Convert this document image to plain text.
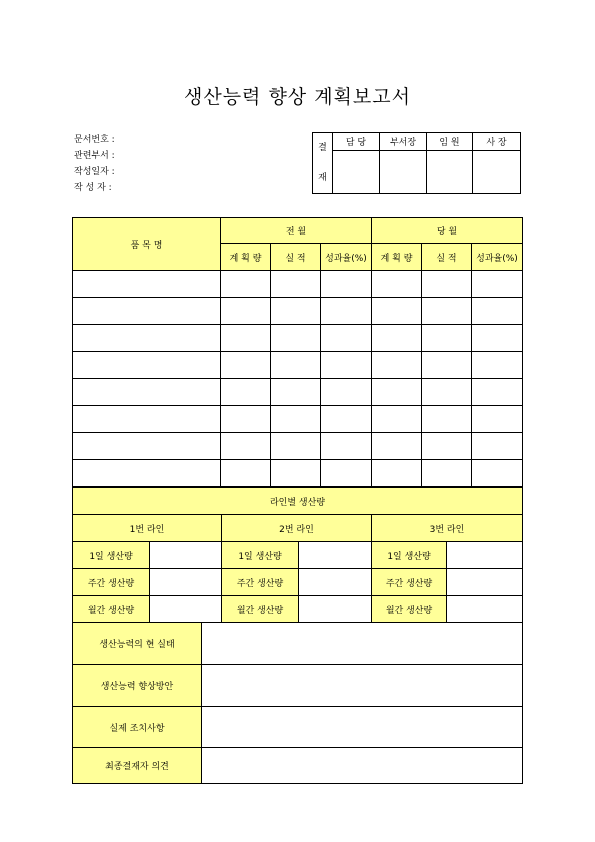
생산능력 향상 계획보고서
문서번호 :
관련부서 :
작성일자 :
작 성 자 :
결
재	담 당	부서장	임 원	사 장

품 목 명	전 월			당 월		
	계 획 량	실 적	성과율(%)	계 획 량	실 적	성과율(%)

라인별 생산량					
1번 라인		2번 라인		3번 라인	
1일 생산량		1일 생산량		1일 생산량	
주간 생산량		주간 생산량		주간 생산량	
월간 생산량		월간 생산량		월간 생산량	
생산능력의 현 실태	
생산능력 향상방안	
실제 조치사항	
최종결재자 의견	
